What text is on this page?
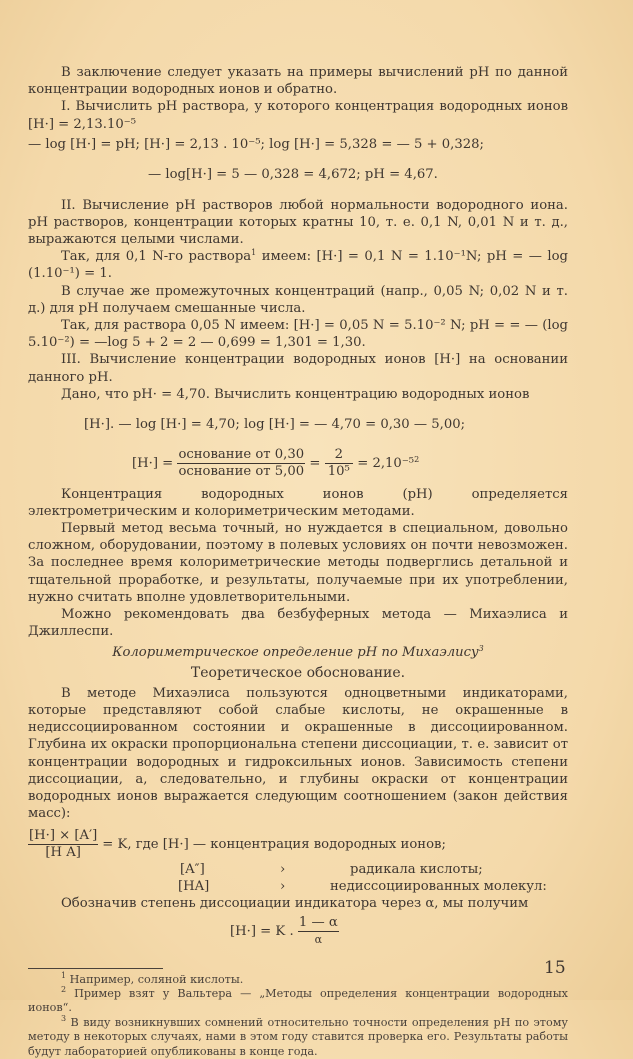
В заключение следует указать на примеры вычислений pH по данной концентрации водородных ионов и обратно.

I. Вычислить pH раствора, у которого концентрация водородных ионов [H·] = 2,13.10⁻⁵

— log [H·] = pH; [H·] = 2,13 . 10⁻⁵; log [H·] = 5,328 = — 5 + 0,328;

— log[H·] = 5 — 0,328 = 4,672; pH = 4,67.

II. Вычисление pH растворов любой нормальности водородного иона. pH растворов, концентрации которых кратны 10, т. е. 0,1 N, 0,01 N и т. д., выражаются целыми числами.

Так, для 0,1 N-го раствора$^1$ имеем: [H·] = 0,1 N = 1.10⁻¹N; pH = — log (1.10⁻¹) = 1.

В случае же промежуточных концентраций (напр., 0,05 N; 0,02 N и т. д.) для pH получаем смешанные числа.

Так, для раствора 0,05 N имеем: [H·] = 0,05 N = 5.10⁻² N; pH = = — (log 5.10⁻²) = —log 5 + 2 = 2 — 0,699 = 1,301 = 1,30.

III. Вычисление концентрации водородных ионов [H·] на основании данного pH.

Дано, что pH· = 4,70. Вычислить концентрацию водородных ионов

[H·]. — log [H·] = 4,70; log [H·] = — 4,70 = 0,30 — 5,00;

$[H\cdot] = \frac{\text{основание от 0,30}}{\text{основание от 5,00}} = \frac{2}{\text{10⁵}} = 2,10^{-5}^2$

Концентрация водородных ионов (pH) определяется электрометрическим и колориметрическим методами.

Первый метод весьма точный, но нуждается в специальном, довольно сложном, оборудовании, поэтому в полевых условиях он почти невозможен. За последнее время колориметрические методы подверглись детальной и тщательной проработке, и результаты, получаемые при их употреблении, нужно считать вполне удовлетворительными.

Можно рекомендовать два безбуферных метода — Михаэлиса и Джиллеспи.

Колориметрическое определение pH по Михаэлису$^3$

Теоретическое обоснование.

В методе Михаэлиса пользуются одноцветными индикаторами, которые представляют собой слабые кислоты, не окрашенные в недиссоциированном состоянии и окрашенные в диссоциированном. Глубина их окраски пропорциональна степени диссоциации, т. е. зависит от концентрации водородных и гидроксильных ионов. Зависимость степени диссоциации, а, следовательно, и глубины окраски от концентрации водородных ионов выражается следующим соотношением (закон действия масс):

$\frac{[H\cdot] \times [A']}{\text{[H A]}} = K$, где [H·] — концентрация водородных ионов;
[A″]	›	радикала кислоты;
[HA]	›	недиссоциированных молекул:

Обозначив степень диссоциации индикатора через α, мы получим

[H·] = K . $\frac{1 — \alpha}{\alpha}$

$^1$ Например, соляной кислоты.

$^2$ Пример взят у Вальтера — „Методы определения концентрации водородных ионов“.

$^3$ В виду возникнувших сомнений относительно точности определения pH по этому методу в некоторых случаях, нами в этом году ставится проверка его. Результаты работы будут лабораторией опубликованы в конце года.

15
